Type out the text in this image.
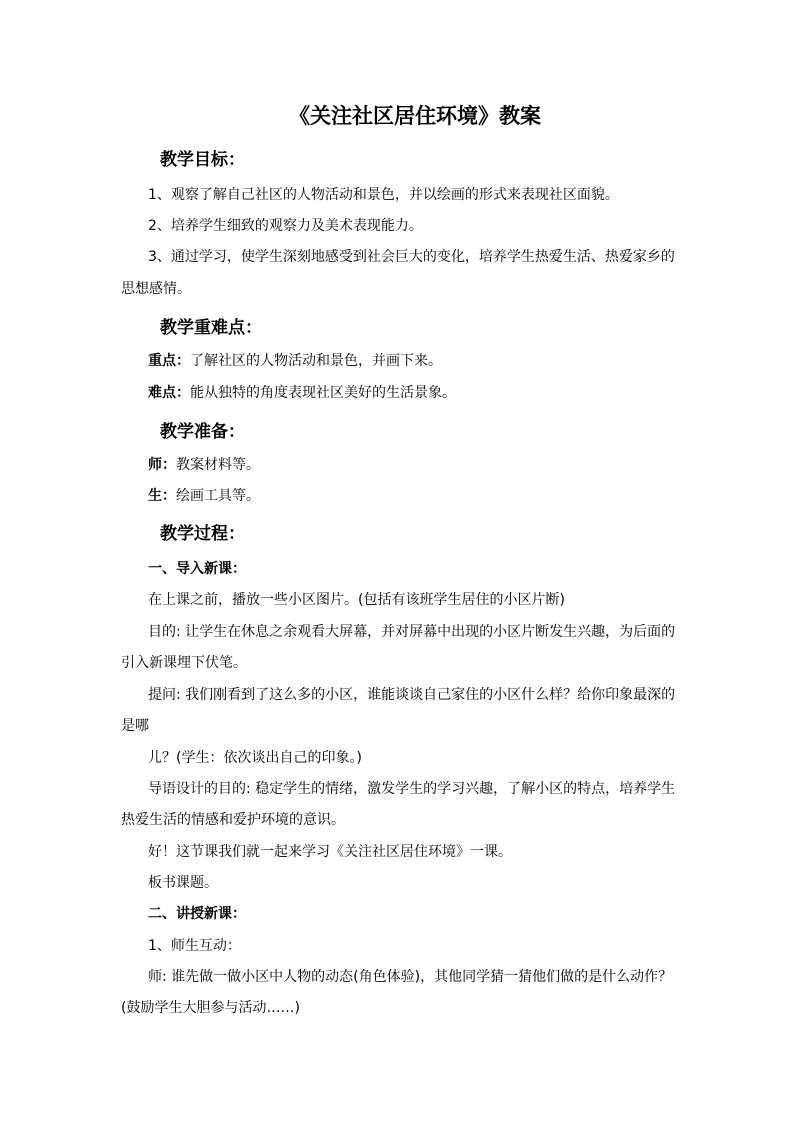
《关注社区居住环境》教案
教学目标：
1、观察了解自己社区的人物活动和景色，并以绘画的形式来表现社区面貌。
2、培养学生细致的观察力及美术表现能力。
3、通过学习，使学生深刻地感受到社会巨大的变化，培养学生热爱生活、热爱家乡的
思想感情。
教学重难点：
重点：了解社区的人物活动和景色，并画下来。
难点：能从独特的角度表现社区美好的生活景象。
教学准备：
师：教案材料等。
生：绘画工具等。
教学过程：
一、导入新课：
在上课之前，播放一些小区图片。(包括有该班学生居住的小区片断)
目的: 让学生在休息之余观看大屏幕，并对屏幕中出现的小区片断发生兴趣，为后面的
引入新课埋下伏笔。
提问: 我们刚看到了这么多的小区，谁能谈谈自己家住的小区什么样？给你印象最深的
是哪
儿？(学生：依次谈出自己的印象。)
导语设计的目的: 稳定学生的情绪，激发学生的学习兴趣，了解小区的特点，培养学生
热爱生活的情感和爱护环境的意识。
好！这节课我们就一起来学习《关注社区居住环境》一课。
板书课题。
二、讲授新课：
1、师生互动：
师: 谁先做一做小区中人物的动态(角色体验)，其他同学猜一猜他们做的是什么动作？
(鼓励学生大胆参与活动……)
